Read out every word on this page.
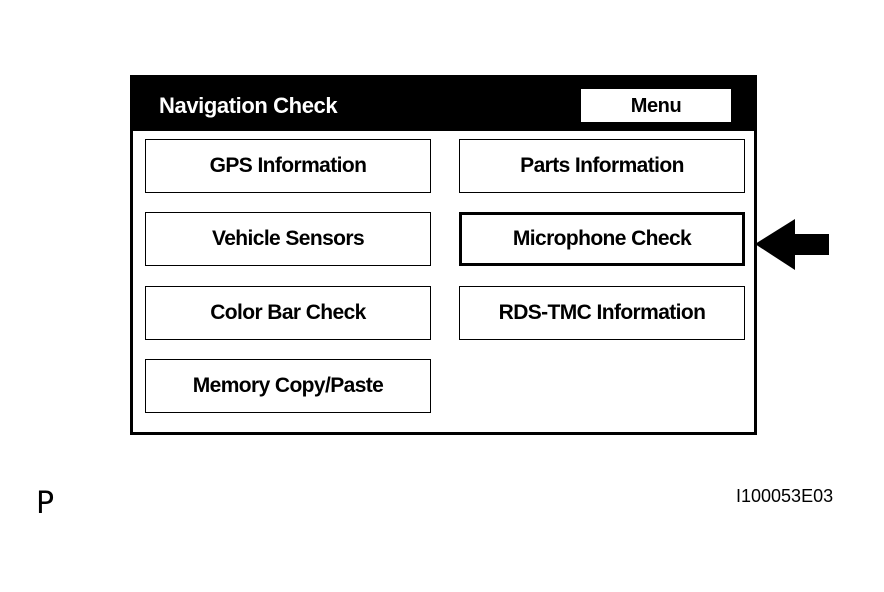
Navigation Check	Menu
GPS Information	Parts Information
Vehicle Sensors	Microphone Check
Color Bar Check	RDS-TMC Information
Memory Copy/Paste
P	I100053E03
